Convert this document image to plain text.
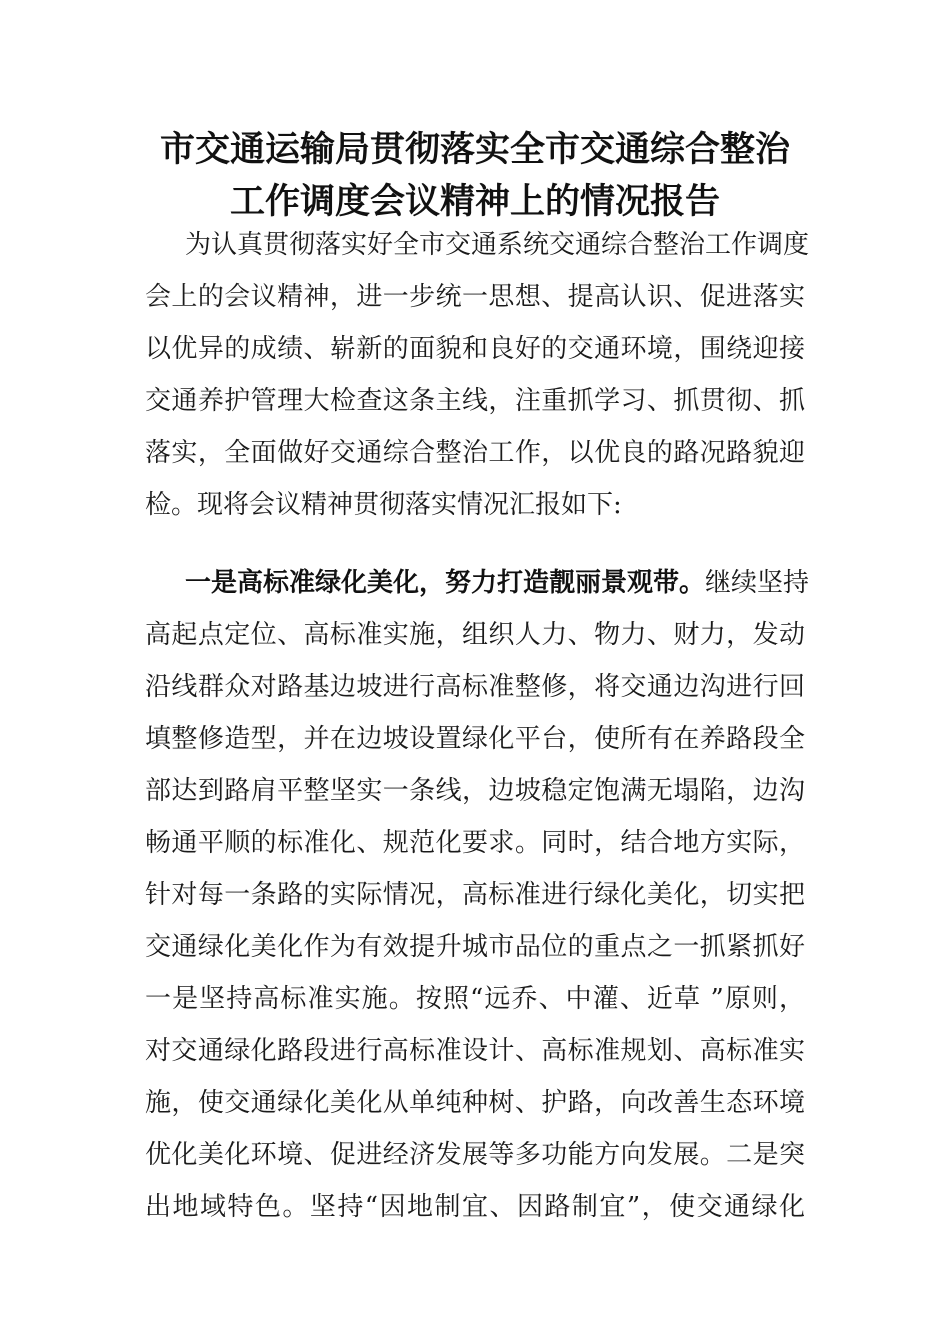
市交通运输局贯彻落实全市交通综合整治
工作调度会议精神上的情况报告
为认真贯彻落实好全市交通系统交通综合整治工作调度
会上的会议精神，进一步统一思想、提高认识、促进落实
以优异的成绩、崭新的面貌和良好的交通环境，围绕迎接
交通养护管理大检查这条主线，注重抓学习、抓贯彻、抓
落实，全面做好交通综合整治工作，以优良的路况路貌迎
检。现将会议精神贯彻落实情况汇报如下:
一是高标准绿化美化，努力打造靓丽景观带。继续坚持
高起点定位、高标准实施，组织人力、物力、财力，发动
沿线群众对路基边坡进行高标准整修，将交通边沟进行回
填整修造型，并在边坡设置绿化平台，使所有在养路段全
部达到路肩平整坚实一条线，边坡稳定饱满无塌陷，边沟
畅通平顺的标准化、规范化要求。同时，结合地方实际，
针对每一条路的实际情况，高标准进行绿化美化，切实把
交通绿化美化作为有效提升城市品位的重点之一抓紧抓好
一是坚持高标准实施。按照“远乔、中灌、近草 ”原则，
对交通绿化路段进行高标准设计、高标准规划、高标准实
施，使交通绿化美化从单纯种树、护路，向改善生态环境
优化美化环境、促进经济发展等多功能方向发展。二是突
出地域特色。坚持“因地制宜、因路制宜”，使交通绿化
